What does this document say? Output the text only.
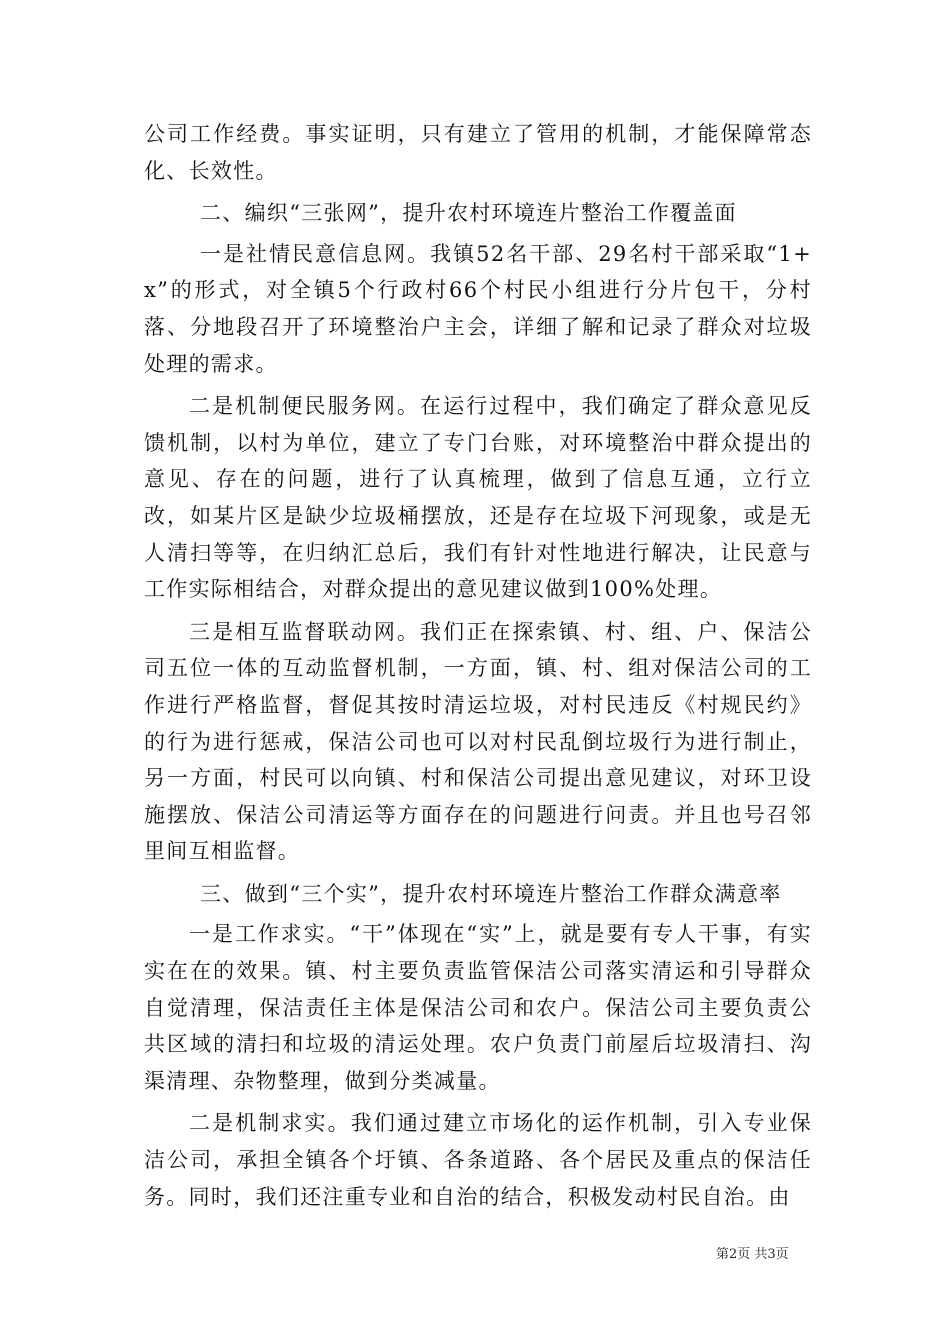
公司工作经费。事实证明，只有建立了管用的机制，才能保障常态化、长效性。

二、编织“三张网”，提升农村环境连片整治工作覆盖面

一是社情民意信息网。我镇52名干部、29名村干部采取“1+x”的形式，对全镇5个行政村66个村民小组进行分片包干，分村落、分地段召开了环境整治户主会，详细了解和记录了群众对垃圾处理的需求。

二是机制便民服务网。在运行过程中，我们确定了群众意见反馈机制，以村为单位，建立了专门台账，对环境整治中群众提出的意见、存在的问题，进行了认真梳理，做到了信息互通，立行立改，如某片区是缺少垃圾桶摆放，还是存在垃圾下河现象，或是无人清扫等等，在归纳汇总后，我们有针对性地进行解决，让民意与工作实际相结合，对群众提出的意见建议做到100%处理。

三是相互监督联动网。我们正在探索镇、村、组、户、保洁公司五位一体的互动监督机制，一方面，镇、村、组对保洁公司的工作进行严格监督，督促其按时清运垃圾，对村民违反《村规民约》的行为进行惩戒，保洁公司也可以对村民乱倒垃圾行为进行制止，另一方面，村民可以向镇、村和保洁公司提出意见建议，对环卫设施摆放、保洁公司清运等方面存在的问题进行问责。并且也号召邻里间互相监督。

三、做到“三个实”，提升农村环境连片整治工作群众满意率

一是工作求实。“干”体现在“实”上，就是要有专人干事，有实实在在的效果。镇、村主要负责监管保洁公司落实清运和引导群众自觉清理，保洁责任主体是保洁公司和农户。保洁公司主要负责公共区域的清扫和垃圾的清运处理。农户负责门前屋后垃圾清扫、沟渠清理、杂物整理，做到分类减量。

二是机制求实。我们通过建立市场化的运作机制，引入专业保洁公司，承担全镇各个圩镇、各条道路、各个居民及重点的保洁任务。同时，我们还注重专业和自治的结合，积极发动村民自治。由

第2页 共3页
